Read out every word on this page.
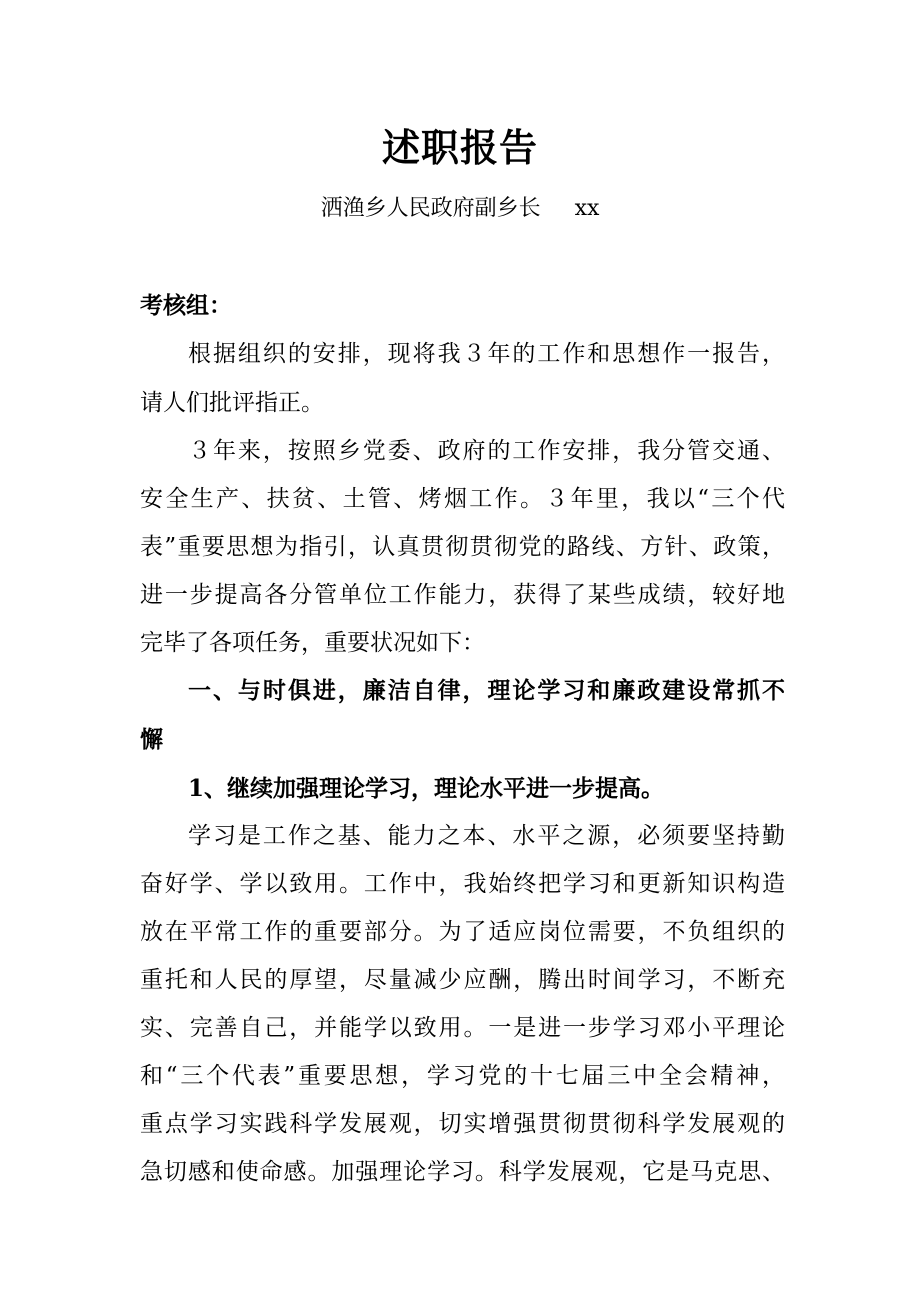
述职报告
洒渔乡人民政府副乡长 xx
考核组：
根据组织的安排，现将我３年的工作和思想作一报告，
请人们批评指正。
３年来，按照乡党委、政府的工作安排，我分管交通、
安全生产、扶贫、土管、烤烟工作。３年里，我以“三个代
表”重要思想为指引，认真贯彻贯彻党的路线、方针、政策，
进一步提高各分管单位工作能力，获得了某些成绩，较好地
完毕了各项任务，重要状况如下：
一、与时俱进，廉洁自律，理论学习和廉政建设常抓不
懈
1、继续加强理论学习，理论水平进一步提高。
学习是工作之基、能力之本、水平之源，必须要坚持勤
奋好学、学以致用。工作中，我始终把学习和更新知识构造
放在平常工作的重要部分。为了适应岗位需要，不负组织的
重托和人民的厚望，尽量减少应酬，腾出时间学习，不断充
实、完善自己，并能学以致用。一是进一步学习邓小平理论
和“三个代表”重要思想，学习党的十七届三中全会精神，
重点学习实践科学发展观，切实增强贯彻贯彻科学发展观的
急切感和使命感。加强理论学习。科学发展观，它是马克思、
